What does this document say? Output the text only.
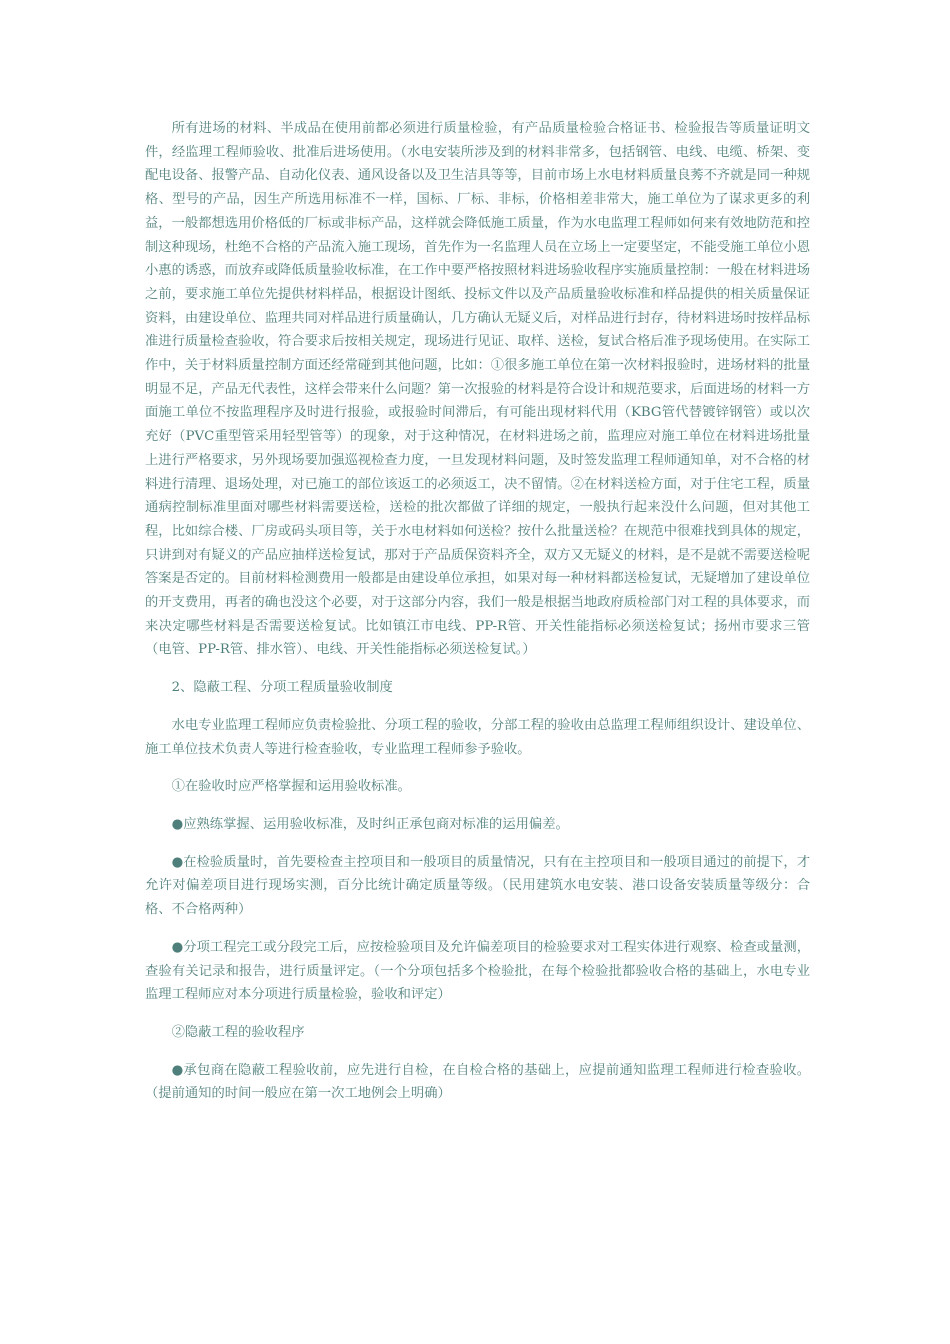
所有进场的材料、半成品在使用前都必须进行质量检验，有产品质量检验合格证书、检验报告等质量证明文件，经监理工程师验收、批准后进场使用。（水电安装所涉及到的材料非常多，包括钢管、电线、电缆、桥架、变配电设备、报警产品、自动化仪表、通风设备以及卫生洁具等等，目前市场上水电材料质量良莠不齐就是同一种规格、型号的产品，因生产所选用标准不一样，国标、厂标、非标，价格相差非常大，施工单位为了谋求更多的利益，一般都想选用价格低的厂标或非标产品，这样就会降低施工质量，作为水电监理工程师如何来有效地防范和控制这种现场，杜绝不合格的产品流入施工现场，首先作为一名监理人员在立场上一定要坚定，不能受施工单位小恩小惠的诱惑，而放弃或降低质量验收标准，在工作中要严格按照材料进场验收程序实施质量控制：一般在材料进场之前，要求施工单位先提供材料样品，根据设计图纸、投标文件以及产品质量验收标准和样品提供的相关质量保证资料，由建设单位、监理共同对样品进行质量确认，几方确认无疑义后，对样品进行封存，待材料进场时按样品标准进行质量检查验收，符合要求后按相关规定，现场进行见证、取样、送检，复试合格后准予现场使用。在实际工作中，关于材料质量控制方面还经常碰到其他问题，比如：①很多施工单位在第一次材料报验时，进场材料的批量明显不足，产品无代表性，这样会带来什么问题？第一次报验的材料是符合设计和规范要求，后面进场的材料一方面施工单位不按监理程序及时进行报验，或报验时间滞后，有可能出现材料代用（KBG管代替镀锌钢管）或以次充好（PVC重型管采用轻型管等）的现象，对于这种情况，在材料进场之前，监理应对施工单位在材料进场批量上进行严格要求，另外现场要加强巡视检查力度，一旦发现材料问题，及时签发监理工程师通知单，对不合格的材料进行清理、退场处理，对已施工的部位该返工的必须返工，决不留情。②在材料送检方面，对于住宅工程，质量通病控制标准里面对哪些材料需要送检，送检的批次都做了详细的规定，一般执行起来没什么问题，但对其他工程，比如综合楼、厂房或码头项目等，关于水电材料如何送检？按什么批量送检？在规范中很难找到具体的规定，只讲到对有疑义的产品应抽样送检复试，那对于产品质保资料齐全，双方又无疑义的材料，是不是就不需要送检呢答案是否定的。目前材料检测费用一般都是由建设单位承担，如果对每一种材料都送检复试，无疑增加了建设单位的开支费用，再者的确也没这个必要，对于这部分内容，我们一般是根据当地政府质检部门对工程的具体要求，而来决定哪些材料是否需要送检复试。比如镇江市电线、PP-R管、开关性能指标必须送检复试；扬州市要求三管（电管、PP-R管、排水管）、电线、开关性能指标必须送检复试。）

2、隐蔽工程、分项工程质量验收制度

水电专业监理工程师应负责检验批、分项工程的验收，分部工程的验收由总监理工程师组织设计、建设单位、施工单位技术负责人等进行检查验收，专业监理工程师参予验收。

①在验收时应严格掌握和运用验收标准。

●应熟练掌握、运用验收标准，及时纠正承包商对标准的运用偏差。

●在检验质量时，首先要检查主控项目和一般项目的质量情况，只有在主控项目和一般项目通过的前提下，才允许对偏差项目进行现场实测，百分比统计确定质量等级。（民用建筑水电安装、港口设备安装质量等级分：合格、不合格两种）

●分项工程完工或分段完工后，应按检验项目及允许偏差项目的检验要求对工程实体进行观察、检查或量测，查验有关记录和报告，进行质量评定。（一个分项包括多个检验批，在每个检验批都验收合格的基础上，水电专业监理工程师应对本分项进行质量检验，验收和评定）

②隐蔽工程的验收程序

●承包商在隐蔽工程验收前，应先进行自检，在自检合格的基础上，应提前通知监理工程师进行检查验收。（提前通知的时间一般应在第一次工地例会上明确）
